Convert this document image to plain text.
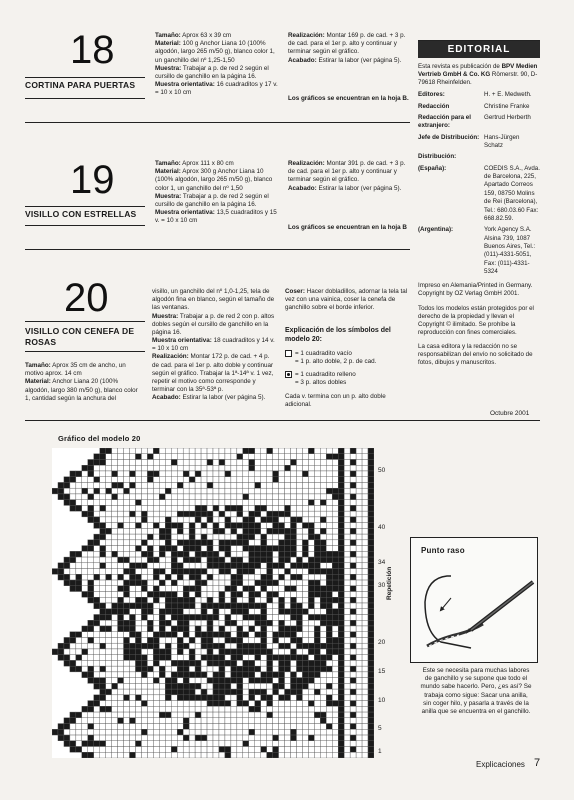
18
CORTINA PARA PUERTAS
Tamaño: Aprox 63 x 39 cm
Material: 100 g Anchor Liana 10 (100% algodón, largo 265 m/50 g), blanco color 1, un ganchillo del nº 1,25-1,50
Muestra: Trabajar a p. de red 2 según el cursillo de ganchillo en la página 16.
Muestra orientativa: 16 cuadraditos y 17 v. = 10 x 10 cm
Realización: Montar 169 p. de cad. + 3 p. de cad. para el 1er p. alto y continuar y terminar según el gráfico.
Acabado: Estirar la labor (ver página 5).
Los gráficos se encuentran en la hoja B.
19
VISILLO CON ESTRELLAS
Tamaño: Aprox 111 x 80 cm
Material: Aprox 300 g Anchor Liana 10 (100% algodón, largo 265 m/50 g), blanco color 1, un ganchillo del nº 1,50
Muestra: Trabajar a p. de red 2 según el cursillo de ganchillo en la página 16.
Muestra orientativa: 13,5 cuadraditos y 15 v. = 10 x 10 cm
Realización: Montar 391 p. de cad. + 3 p. de cad. para el 1er p. alto y continuar y terminar según el gráfico.
Acabado: Estirar la labor (ver página 5).
Los gráficos se encuentran en la hoja B
20
VISILLO CON CENEFA DE ROSAS
Tamaño: Aprox 35 cm de ancho, un motivo aprox. 14 cm
Material: Anchor Liana 20 (100% algodón, largo 380 m/50 g), blanco color 1, cantidad según la anchura del
visillo, un ganchillo del nº 1,0-1,25, tela de algodón fina en blanco, según el tamaño de las ventanas.
Muestra: Trabajar a p. de red 2 con p. altos dobles según el cursillo de ganchillo en la página 16.
Muestra orientativa: 18 cuadraditos y 14 v. = 10 x 10 cm
Realización: Montar 172 p. de cad. + 4 p. de cad. para el 1er p. alto doble y continuar según el gráfico. Trabajar la 1ª-14ª v. 1 vez, repetir el motivo como corresponde y terminar con la 35ª-53ª p.
Acabado: Estirar la labor (ver página 5).
Coser: Hacer dobladillos, adornar la tela tal vez con una vainica, coser la cenefa de ganchillo sobre el borde inferior.
Explicación de los símbolos del modelo 20:
= 1 cuadradito vacío
= 1 p. alto doble, 2 p. de cad.
= 1 cuadradito relleno
= 3 p. altos dobles
Cada v. termina con un p. alto doble adicional.
EDITORIAL
Esta revista es publicación de BPV Medien Vertrieb GmbH & Co. KG Römerstr. 90, D-79618 Rheinfelden.
Editores:	H. + E. Medweth.
Redacción	Christine Franke
Redacción para el extranjero:
Gertrud Herberth
Jefe de Distribución: Hans-Jürgen Schatz
Distribución:
(España):	COEDIS S.A., Avda. de Barcelona, 225, Apartado Correos 159, 08750 Molins de Rei (Barcelona), Tel.: 680.03.60 Fax: 668.82.59.
(Argentina):	York Agency S.A. Alsina 739, 1087 Buenos Aires, Tel.: (011)-4331-5051, Fax: (011)-4331-5324
Impreso en Alemania/Printed in Germany. Copyright by OZ Verlag GmbH 2001.
Todos los modelos están protegidos por el derecho de la propiedad y llevan el Copyright © ilimitado. Se prohíbe la reproducción con fines comerciales.
La casa editora y la redacción no se responsabilizan del envío no solicitado de fotos, dibujos y manuscritos.
Octubre 2001
Gráfico del modelo 20
50
40
34
30
20
15
10
5
1
Repetición
Punto raso
Este se necesita para muchas labores de ganchillo y se supone que todo el mundo sabe hacerlo. Pero, ¿es así? Se trabaja como sigue: Sacar una anilla, sin coger hilo, y pasarla a través de la anilla que se encuentra en el ganchillo.
Explicaciones 7
